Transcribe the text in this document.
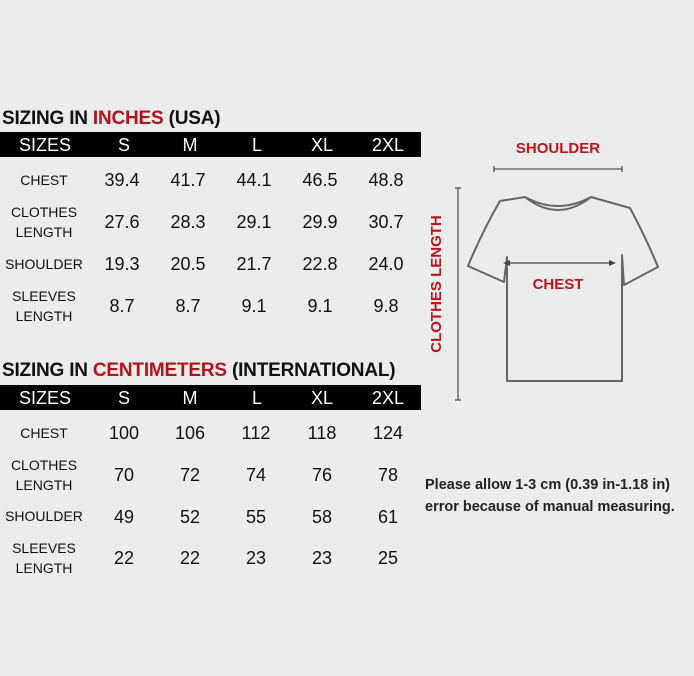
SIZING IN INCHES (USA)
SIZES	S	M	L	XL 2XL
CHEST	39.4 41.7 44.1 46.5 48.8
CLOTHES
LENGTH	27.6 28.3 29.1 29.9 30.7
SHOULDER 19.3 20.5 21.7 22.8 24.0
SLEEVES
LENGTH	8.7 8.7 9.1 9.1 9.8
SIZING IN CENTIMETERS (INTERNATIONAL)
SIZES	S	M	L	XL 2XL
CHEST	100 106 112 118 124
CLOTHES
LENGTH	70	72	74	76	78
SHOULDER 49	52	55	58	61
SLEEVES
LENGTH	22	22	23	23	25
SHOULDER
CLOTHES LENGTH	CHEST
Please allow 1-3 cm (0.39 in-1.18 in)
error because of manual measuring.
